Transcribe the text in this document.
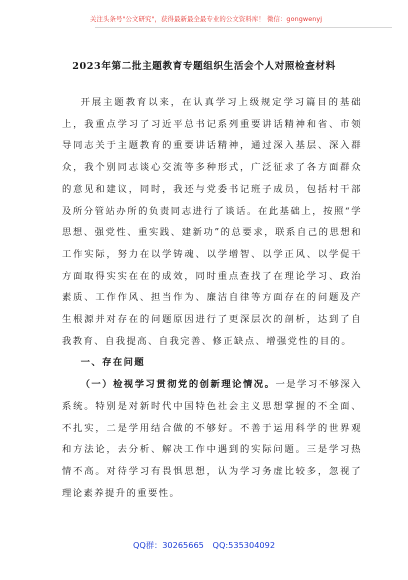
关注头条号"公文研究"，获得最新最全最专业的公文资料库！ 微信：gongwenyj
2023年第二批主题教育专题组织生活会个人对照检查材料

开展主题教育以来，在认真学习上级规定学习篇目的基础上，我重点学习了习近平总书记系列重要讲话精神和省、市领导同志关于主题教育的重要讲话精神，通过深入基层、深入群众，我个别同志谈心交流等多种形式，广泛征求了各方面群众的意见和建议，同时，我还与党委书记班子成员，包括村干部及所分管站办所的负责同志进行了谈话。在此基础上，按照“学思想、强党性、重实践、建新功”的总要求，联系自己的思想和工作实际，努力在以学铸魂、以学增智、以学正风、以学促干方面取得实实在在的成效，同时重点查找了在理论学习、政治素质、工作作风、担当作为、廉洁自律等方面存在的问题及产生根源并对存在的问题原因进行了更深层次的剖析，达到了自我教育、自我提高、自我完善、修正缺点、增强党性的目的。

一、存在问题

（一）检视学习贯彻党的创新理论情况。一是学习不够深入系统。特别是对新时代中国特色社会主义思想掌握的不全面、不扎实，二是学用结合做的不够好。不善于运用科学的世界观和方法论，去分析、解决工作中遇到的实际问题。三是学习热情不高。对待学习有畏惧思想，认为学习务虚比较多，忽视了理论素养提升的重要性。

QQ群：30265665 QQ:535304092
